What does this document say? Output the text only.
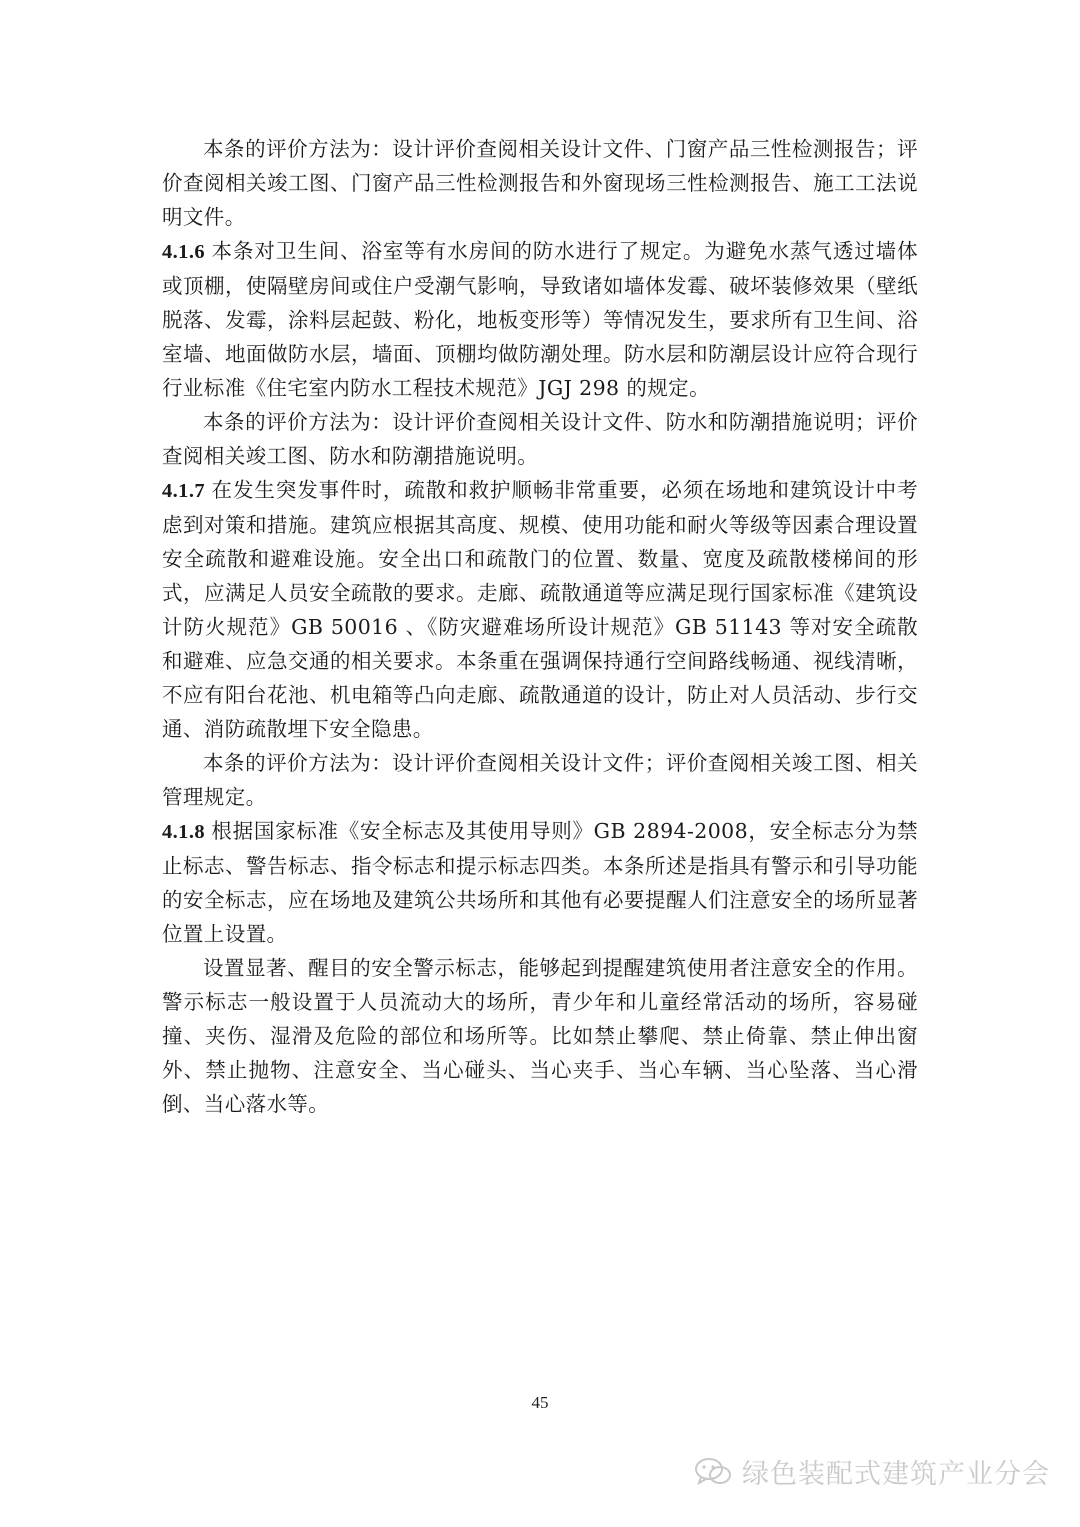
本条的评价方法为：设计评价查阅相关设计文件、门窗产品三性检测报告；评价查阅相关竣工图、门窗产品三性检测报告和外窗现场三性检测报告、施工工法说明文件。

4.1.6 本条对卫生间、浴室等有水房间的防水进行了规定。为避免水蒸气透过墙体或顶棚，使隔壁房间或住户受潮气影响，导致诸如墙体发霉、破坏装修效果（壁纸脱落、发霉，涂料层起鼓、粉化，地板变形等）等情况发生，要求所有卫生间、浴室墙、地面做防水层，墙面、顶棚均做防潮处理。防水层和防潮层设计应符合现行行业标准《住宅室内防水工程技术规范》JGJ 298 的规定。

本条的评价方法为：设计评价查阅相关设计文件、防水和防潮措施说明；评价查阅相关竣工图、防水和防潮措施说明。

4.1.7 在发生突发事件时，疏散和救护顺畅非常重要，必须在场地和建筑设计中考虑到对策和措施。建筑应根据其高度、规模、使用功能和耐火等级等因素合理设置安全疏散和避难设施。安全出口和疏散门的位置、数量、宽度及疏散楼梯间的形式，应满足人员安全疏散的要求。走廊、疏散通道等应满足现行国家标准《建筑设计防火规范》GB 50016 、《防灾避难场所设计规范》GB 51143 等对安全疏散和避难、应急交通的相关要求。本条重在强调保持通行空间路线畅通、视线清晰，不应有阳台花池、机电箱等凸向走廊、疏散通道的设计，防止对人员活动、步行交通、消防疏散埋下安全隐患。

本条的评价方法为：设计评价查阅相关设计文件；评价查阅相关竣工图、相关管理规定。

4.1.8 根据国家标准《安全标志及其使用导则》GB 2894-2008，安全标志分为禁止标志、警告标志、指令标志和提示标志四类。本条所述是指具有警示和引导功能的安全标志，应在场地及建筑公共场所和其他有必要提醒人们注意安全的场所显著位置上设置。

设置显著、醒目的安全警示标志，能够起到提醒建筑使用者注意安全的作用。警示标志一般设置于人员流动大的场所，青少年和儿童经常活动的场所，容易碰撞、夹伤、湿滑及危险的部位和场所等。比如禁止攀爬、禁止倚靠、禁止伸出窗外、禁止抛物、注意安全、当心碰头、当心夹手、当心车辆、当心坠落、当心滑倒、当心落水等。

45
绿色装配式建筑产业分会
